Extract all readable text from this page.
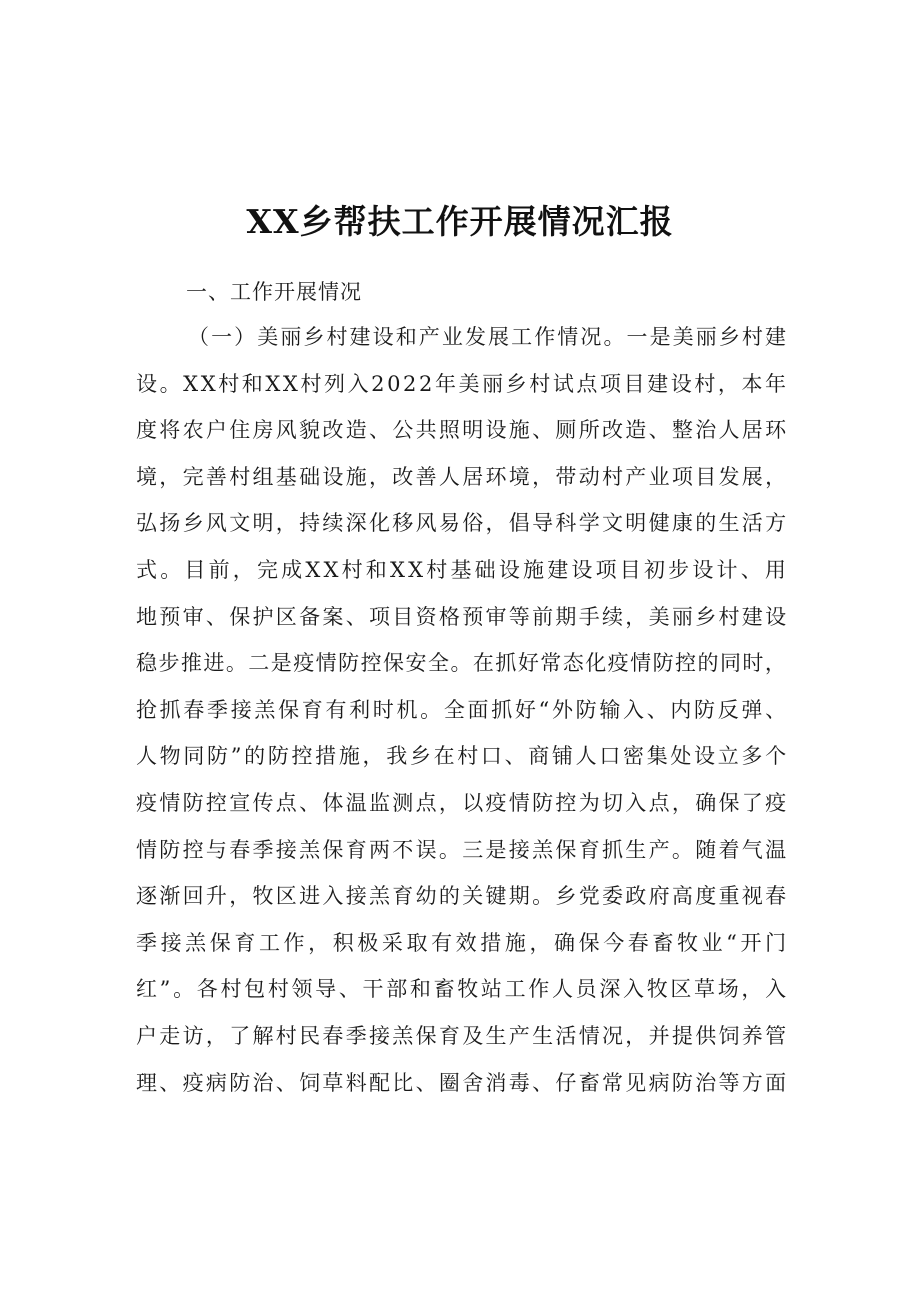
XX乡帮扶工作开展情况汇报
一、工作开展情况
（一）美丽乡村建设和产业发展工作情况。一是美丽乡村建
设。XX村和XX村列入2022年美丽乡村试点项目建设村，本年
度将农户住房风貌改造、公共照明设施、厕所改造、整治人居环
境，完善村组基础设施，改善人居环境，带动村产业项目发展，
弘扬乡风文明，持续深化移风易俗，倡导科学文明健康的生活方
式。目前，完成XX村和XX村基础设施建设项目初步设计、用
地预审、保护区备案、项目资格预审等前期手续，美丽乡村建设
稳步推进。二是疫情防控保安全。在抓好常态化疫情防控的同时，
抢抓春季接羔保育有利时机。全面抓好“外防输入、内防反弹、
人物同防”的防控措施，我乡在村口、商铺人口密集处设立多个
疫情防控宣传点、体温监测点，以疫情防控为切入点，确保了疫
情防控与春季接羔保育两不误。三是接羔保育抓生产。随着气温
逐渐回升，牧区进入接羔育幼的关键期。乡党委政府高度重视春
季接羔保育工作，积极采取有效措施，确保今春畜牧业“开门
红”。各村包村领导、干部和畜牧站工作人员深入牧区草场，入
户走访，了解村民春季接羔保育及生产生活情况，并提供饲养管
理、疫病防治、饲草料配比、圈舍消毒、仔畜常见病防治等方面
